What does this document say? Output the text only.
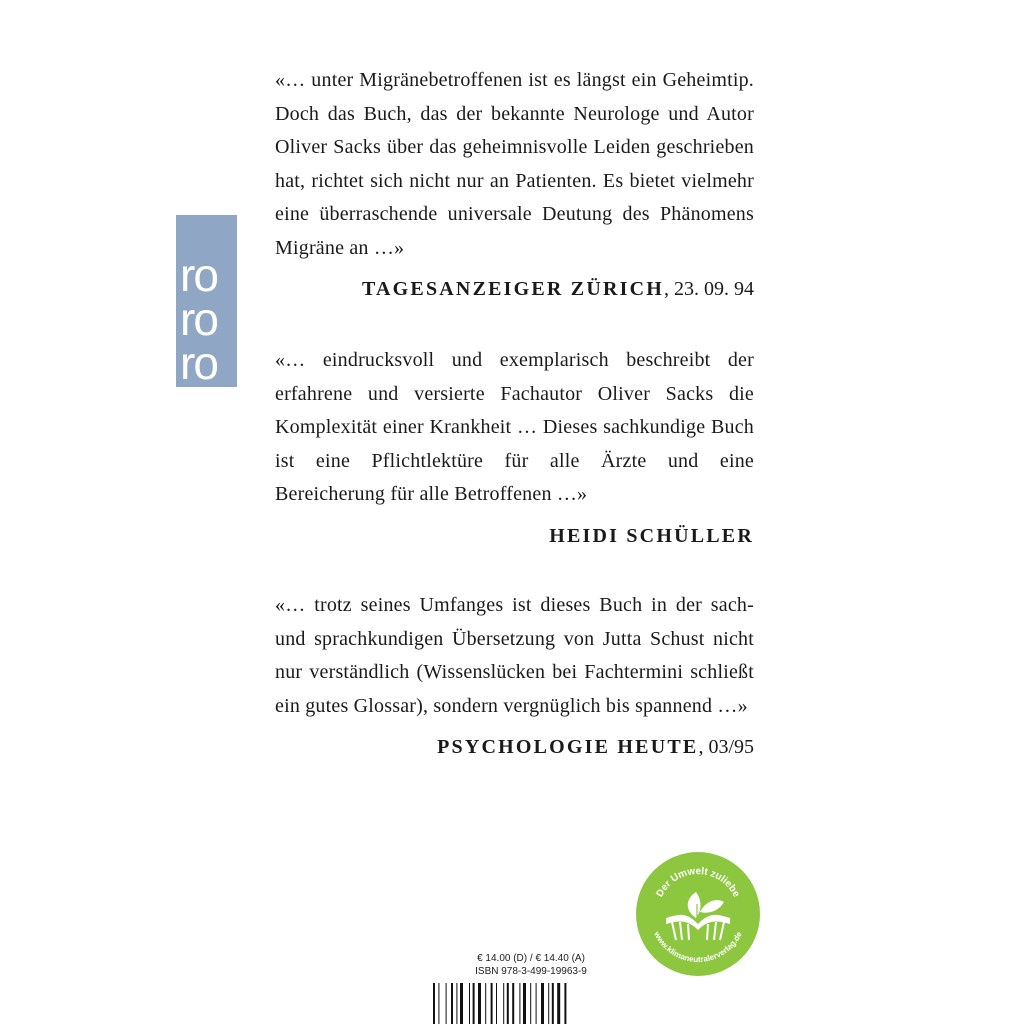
ro
ro
ro
«… unter Migränebetroffenen ist es längst ein Geheimtip. Doch das Buch, das der bekannte Neurologe und Autor Oliver Sacks über das geheimnisvolle Leiden geschrieben hat, richtet sich nicht nur an Patienten. Es bietet vielmehr eine überraschende universale Deutung des Phänomens Migräne an …»
TAGESANZEIGER ZÜRICH, 23. 09. 94
«… eindrucksvoll und exemplarisch beschreibt der erfahrene und versierte Fachautor Oliver Sacks die Komplexität einer Krankheit … Dieses sachkundige Buch ist eine Pflichtlektüre für alle Ärzte und eine Bereicherung für alle Betroffenen …»
HEIDI SCHÜLLER
«… trotz seines Umfanges ist dieses Buch in der sach- und sprachkundigen Übersetzung von Jutta Schust nicht nur verständlich (Wissenslücken bei Fachtermini schließt ein gutes Glossar), sondern vergnüglich bis spannend …»
PSYCHOLOGIE HEUTE, 03/95
Der Umwelt zuliebe
www.klimaneutralerverlag.de
€ 14.00 (D) / € 14.40 (A)
ISBN 978-3-499-19963-9
